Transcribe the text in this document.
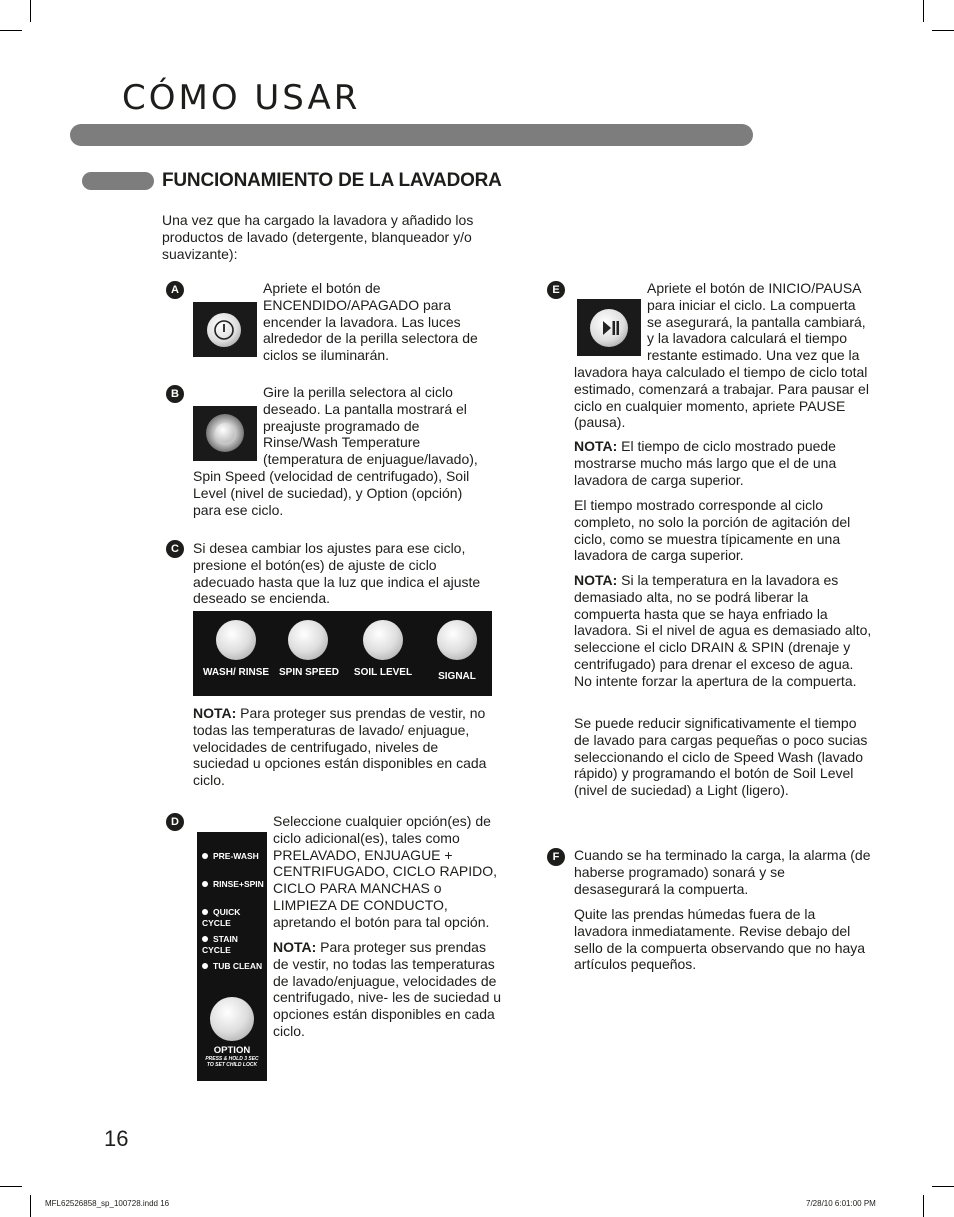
CÓMO USAR
FUNCIONAMIENTO DE LA LAVADORA

Una vez que ha cargado la lavadora y añadido los productos de lavado (detergente, blanqueador y/o suavizante):

A	Apriete el botón de ENCENDIDO/APAGADO para encender la lavadora. Las luces alrededor de la perilla selectora de ciclos se iluminarán.

B	Gire la perilla selectora al ciclo deseado. La pantalla mostrará el preajuste programado de Rinse/Wash Temperature (temperatura de enjuague/lavado), Spin Speed (velocidad de centrifugado), Soil Level (nivel de suciedad), y Option (opción) para ese ciclo.

C	Si desea cambiar los ajustes para ese ciclo, presione el botón(es) de ajuste de ciclo adecuado hasta que la luz que indica el ajuste deseado se encienda.

WASH/ RINSE SPIN SPEED	SOIL LEVEL	SIGNAL

NOTA: Para proteger sus prendas de vestir, no todas las temperaturas de lavado/ enjuague, velocidades de centrifugado, niveles de suciedad u opciones están disponibles en cada ciclo.

D
PRE-WASH
RINSE+SPIN
QUICK CYCLE
STAIN CYCLE
TUB CLEAN
OPTION
PRESS & HOLD 3 SEC TO SET CHILD LOCK

Seleccione cualquier opción(es) de ciclo adicional(es), tales como PRELAVADO, ENJUAGUE + CENTRIFUGADO, CICLO RAPIDO, CICLO PARA MANCHAS o LIMPIEZA DE CONDUCTO, apretando el botón para tal opción.

NOTA: Para proteger sus prendas de vestir, no todas las temperaturas de lavado/enjuague, velocidades de centrifugado, nive- les de suciedad u opciones están disponibles en cada ciclo.

E	Apriete el botón de INICIO/PAUSA para iniciar el ciclo. La compuerta se asegurará, la pantalla cambiará, y la lavadora calculará el tiempo restante estimado. Una vez que la lavadora haya calculado el tiempo de ciclo total estimado, comenzará a trabajar. Para pausar el ciclo en cualquier momento, apriete PAUSE (pausa).

NOTA: El tiempo de ciclo mostrado puede mostrarse mucho más largo que el de una lavadora de carga superior.

El tiempo mostrado corresponde al ciclo completo, no solo la porción de agitación del ciclo, como se muestra típicamente en una lavadora de carga superior.

NOTA: Si la temperatura en la lavadora es demasiado alta, no se podrá liberar la compuerta hasta que se haya enfriado la lavadora. Si el nivel de agua es demasiado alto, seleccione el ciclo DRAIN & SPIN (drenaje y centrifugado) para drenar el exceso de agua. No intente forzar la apertura de la compuerta.

Se puede reducir significativamente el tiempo de lavado para cargas pequeñas o poco sucias seleccionando el ciclo de Speed Wash (lavado rápido) y programando el botón de Soil Level (nivel de suciedad) a Light (ligero).

F	Cuando se ha terminado la carga, la alarma (de haberse programado) sonará y se desasegurará la compuerta.

Quite las prendas húmedas fuera de la lavadora inmediatamente. Revise debajo del sello de la compuerta observando que no haya artículos pequeños.

16
MFL62526858_sp_100728.indd 16	7/28/10 6:01:00 PM
